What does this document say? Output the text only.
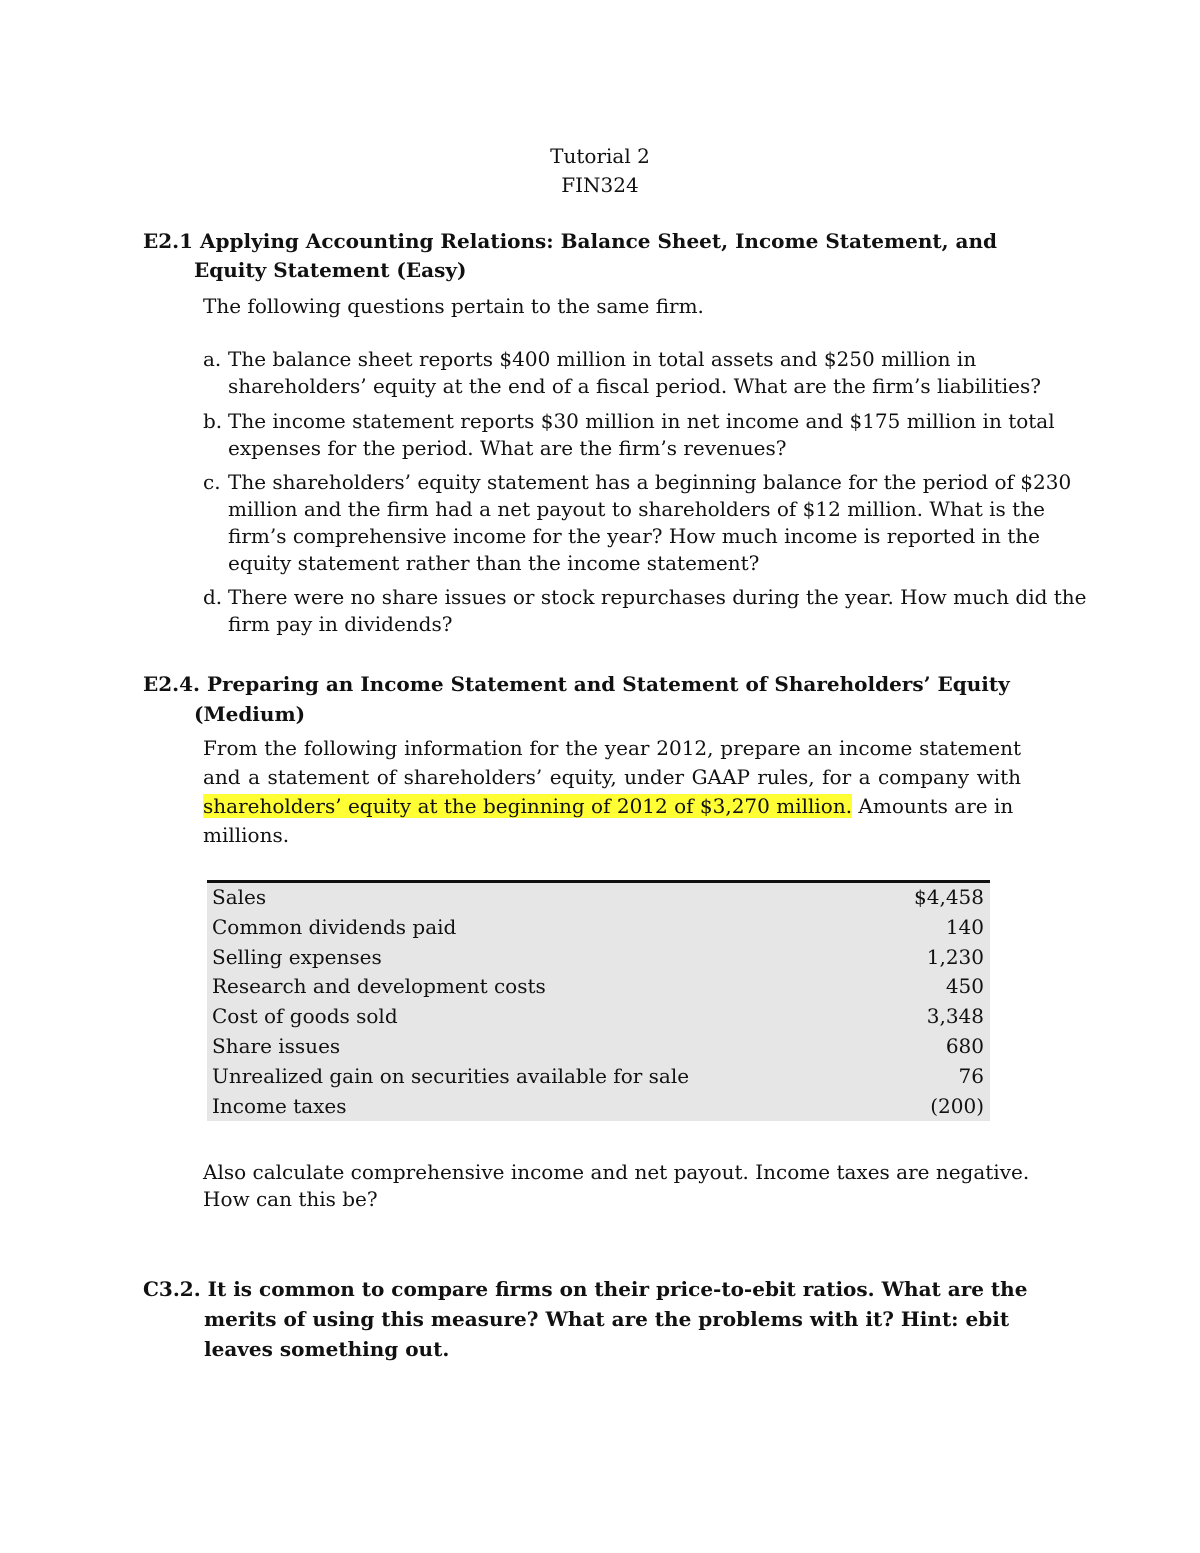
Tutorial 2
FIN324
E2.1 Applying Accounting Relations: Balance Sheet, Income Statement, and
Equity Statement (Easy)
The following questions pertain to the same firm.
a. The balance sheet reports $400 million in total assets and $250 million in
shareholders’ equity at the end of a fiscal period. What are the firm’s liabilities?
b. The income statement reports $30 million in net income and $175 million in total
expenses for the period. What are the firm’s revenues?
c. The shareholders’ equity statement has a beginning balance for the period of $230
million and the firm had a net payout to shareholders of $12 million. What is the
firm’s comprehensive income for the year? How much income is reported in the
equity statement rather than the income statement?
d. There were no share issues or stock repurchases during the year. How much did the
firm pay in dividends?
E2.4. Preparing an Income Statement and Statement of Shareholders’ Equity
(Medium)
From the following information for the year 2012, prepare an income statement
and a statement of shareholders’ equity, under GAAP rules, for a company with
shareholders’ equity at the beginning of 2012 of $3,270 million. Amounts are in
millions.
Sales	$4,458
Common dividends paid	140
Selling expenses	1,230
Research and development costs	450
Cost of goods sold	3,348
Share issues	680
Unrealized gain on securities available for sale	76
Income taxes	(200)
Also calculate comprehensive income and net payout. Income taxes are negative.
How can this be?
C3.2. It is common to compare firms on their price-to-ebit ratios. What are the
merits of using this measure? What are the problems with it? Hint: ebit
leaves something out.
